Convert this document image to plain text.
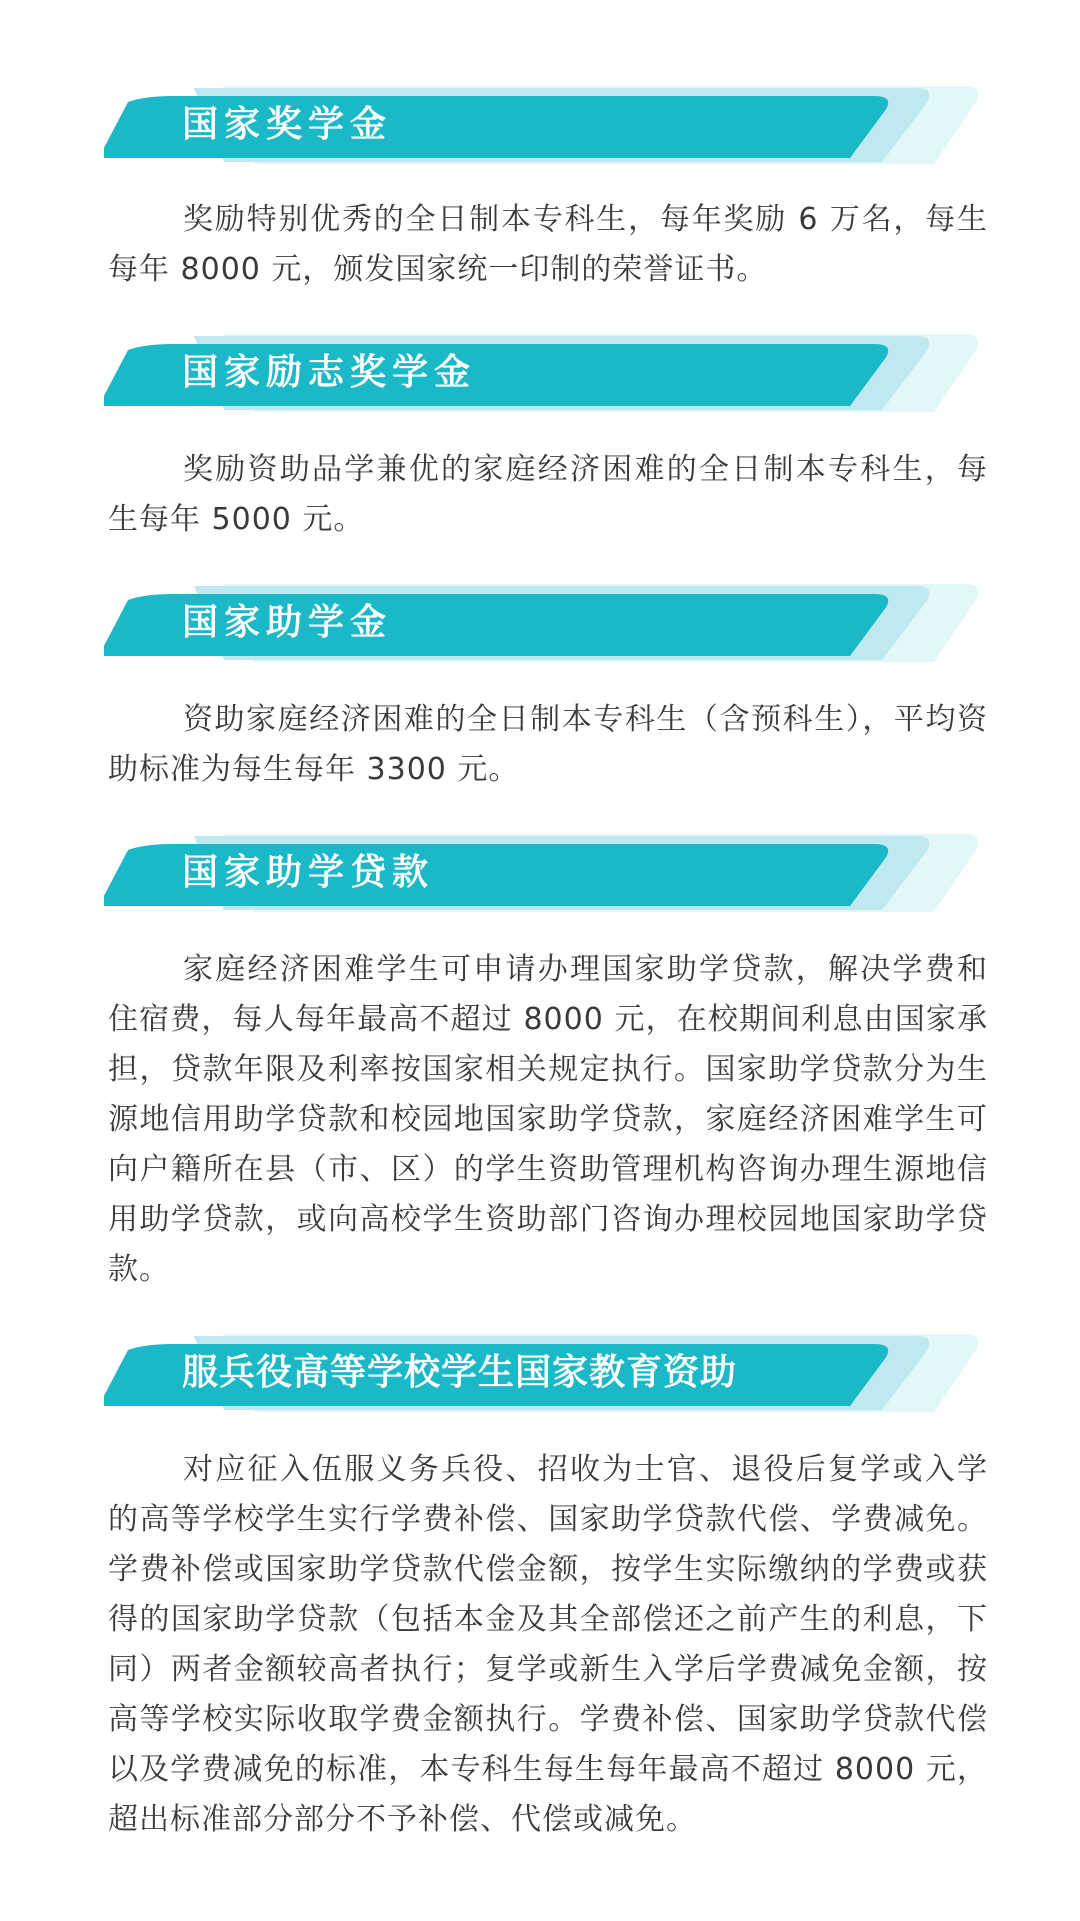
国家奖学金

奖励特别优秀的全日制本专科生，每年奖励 6 万名，每生每年 8000 元，颁发国家统一印制的荣誉证书。

国家励志奖学金

奖励资助品学兼优的家庭经济困难的全日制本专科生，每生每年 5000 元。

国家助学金

资助家庭经济困难的全日制本专科生（含预科生），平均资助标准为每生每年 3300 元。

国家助学贷款

家庭经济困难学生可申请办理国家助学贷款，解决学费和住宿费，每人每年最高不超过 8000 元，在校期间利息由国家承担，贷款年限及利率按国家相关规定执行。国家助学贷款分为生源地信用助学贷款和校园地国家助学贷款，家庭经济困难学生可向户籍所在县（市、区）的学生资助管理机构咨询办理生源地信用助学贷款，或向高校学生资助部门咨询办理校园地国家助学贷款。

服兵役高等学校学生国家教育资助

对应征入伍服义务兵役、招收为士官、退役后复学或入学的高等学校学生实行学费补偿、国家助学贷款代偿、学费减免。学费补偿或国家助学贷款代偿金额，按学生实际缴纳的学费或获得的国家助学贷款（包括本金及其全部偿还之前产生的利息，下同）两者金额较高者执行；复学或新生入学后学费减免金额，按高等学校实际收取学费金额执行。学费补偿、国家助学贷款代偿以及学费减免的标准，本专科生每生每年最高不超过 8000 元，超出标准部分部分不予补偿、代偿或减免。
